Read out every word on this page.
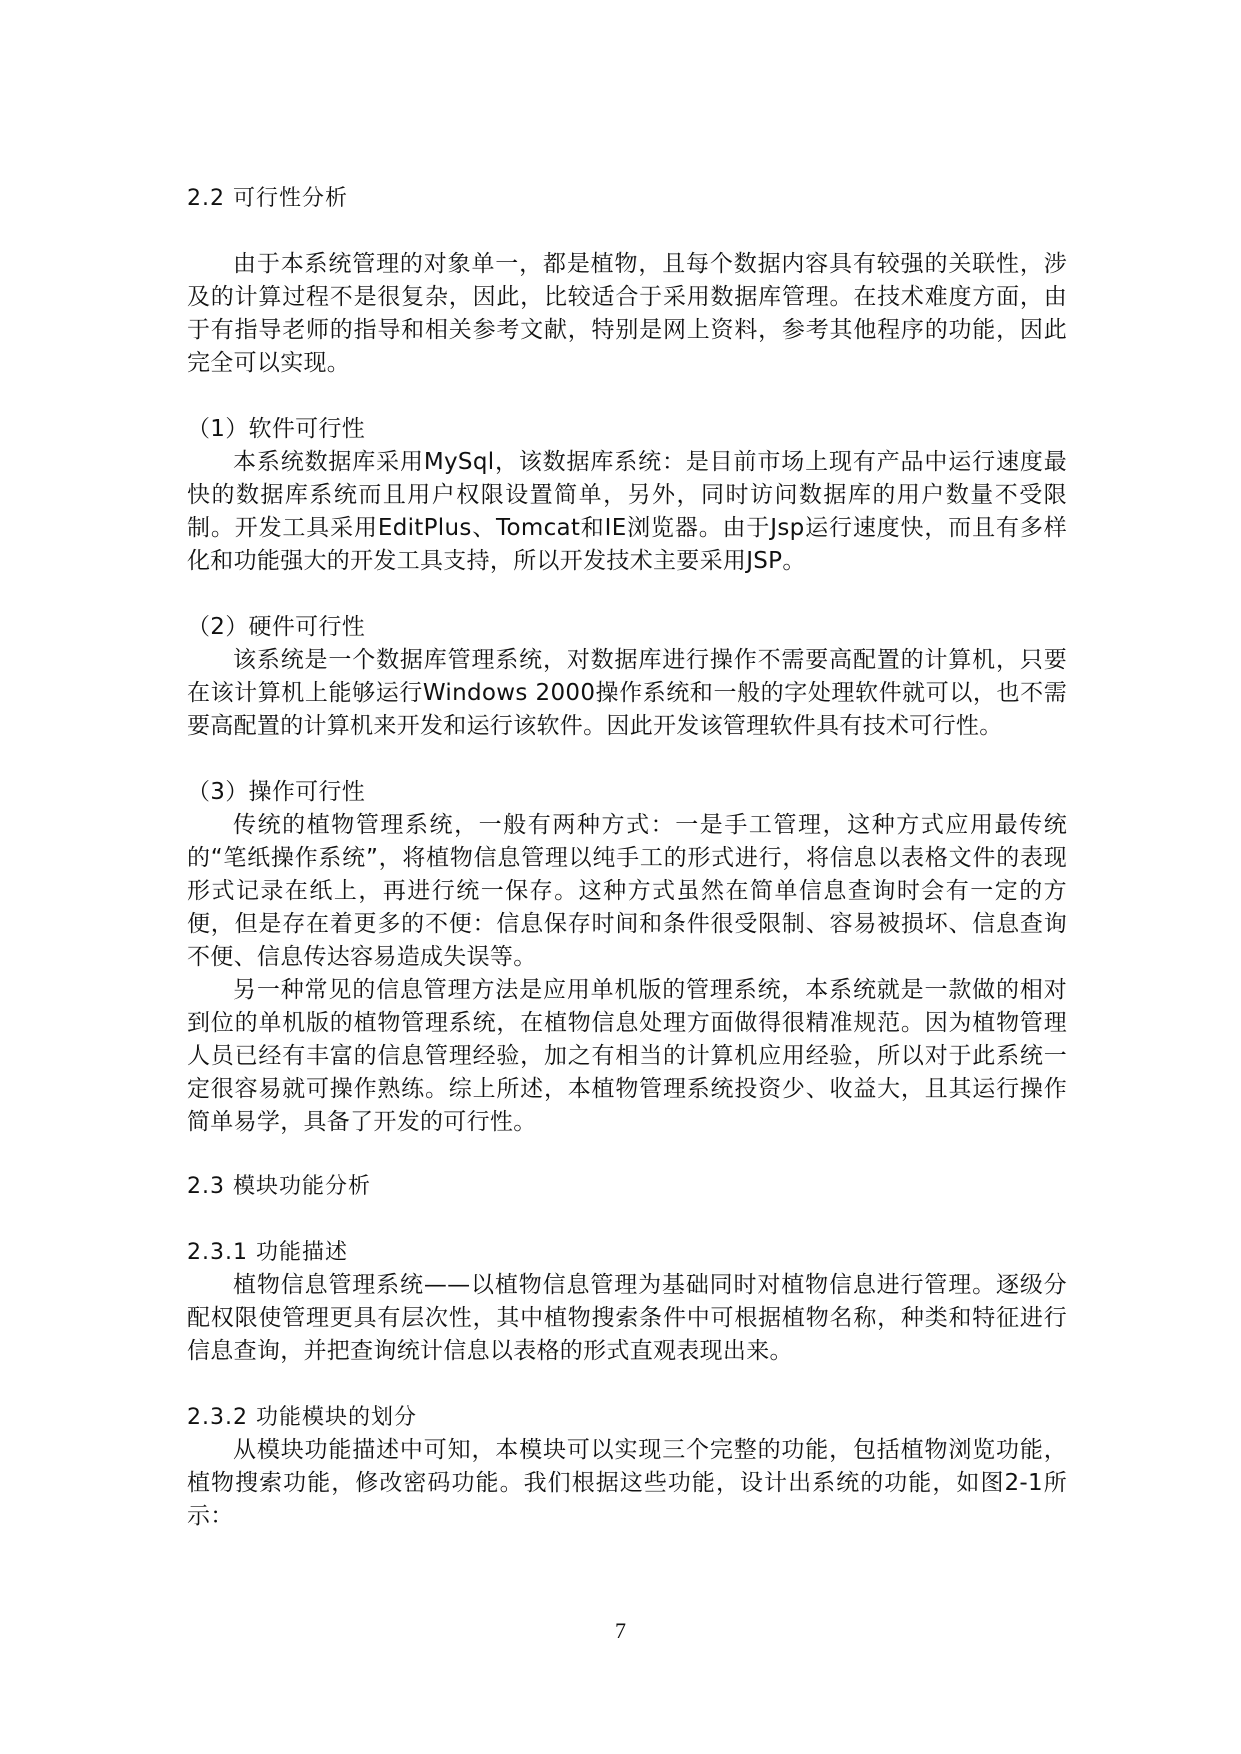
2.2 可行性分析

由于本系统管理的对象单一，都是植物，且每个数据内容具有较强的关联性，涉及的计算过程不是很复杂，因此，比较适合于采用数据库管理。在技术难度方面，由于有指导老师的指导和相关参考文献，特别是网上资料，参考其他程序的功能，因此完全可以实现。

（1）软件可行性

本系统数据库采用MySql，该数据库系统：是目前市场上现有产品中运行速度最快的数据库系统而且用户权限设置简单，另外，同时访问数据库的用户数量不受限制。开发工具采用EditPlus、Tomcat和IE浏览器。由于Jsp运行速度快，而且有多样化和功能强大的开发工具支持，所以开发技术主要采用JSP。

（2）硬件可行性

该系统是一个数据库管理系统，对数据库进行操作不需要高配置的计算机，只要在该计算机上能够运行Windows 2000操作系统和一般的字处理软件就可以，也不需要高配置的计算机来开发和运行该软件。因此开发该管理软件具有技术可行性。

（3）操作可行性

传统的植物管理系统，一般有两种方式：一是手工管理，这种方式应用最传统的“笔纸操作系统”，将植物信息管理以纯手工的形式进行，将信息以表格文件的表现形式记录在纸上，再进行统一保存。这种方式虽然在简单信息查询时会有一定的方便，但是存在着更多的不便：信息保存时间和条件很受限制、容易被损坏、信息查询不便、信息传达容易造成失误等。

另一种常见的信息管理方法是应用单机版的管理系统，本系统就是一款做的相对到位的单机版的植物管理系统，在植物信息处理方面做得很精准规范。因为植物管理人员已经有丰富的信息管理经验，加之有相当的计算机应用经验，所以对于此系统一定很容易就可操作熟练。综上所述，本植物管理系统投资少、收益大，且其运行操作简单易学，具备了开发的可行性。

2.3 模块功能分析
2.3.1 功能描述

植物信息管理系统——以植物信息管理为基础同时对植物信息进行管理。逐级分配权限使管理更具有层次性，其中植物搜索条件中可根据植物名称，种类和特征进行信息查询，并把查询统计信息以表格的形式直观表现出来。

2.3.2 功能模块的划分

从模块功能描述中可知，本模块可以实现三个完整的功能，包括植物浏览功能，植物搜索功能，修改密码功能。我们根据这些功能，设计出系统的功能，如图2-1所示：

7
